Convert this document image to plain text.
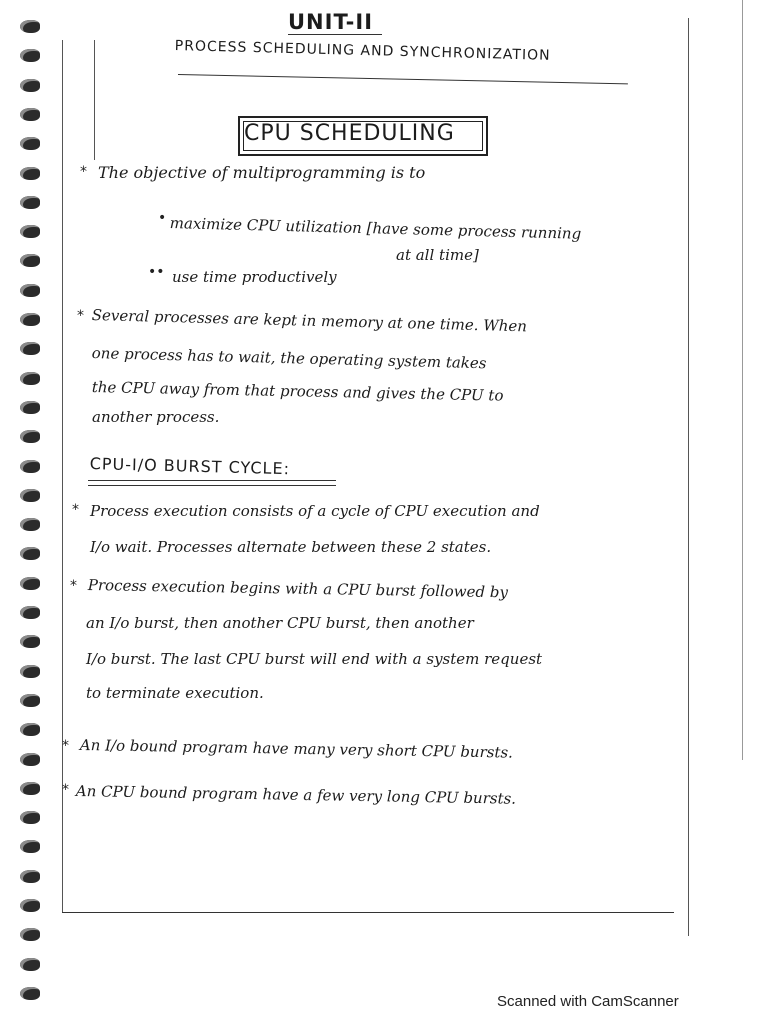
UNIT-II
PROCESS SCHEDULING AND SYNCHRONIZATION
CPU SCHEDULING
* The objective of multiprogramming is to
• maximize CPU utilization [have some process running
at all time]
•• use time productively
* Several processes are kept in memory at one time. When
one process has to wait, the operating system takes
the CPU away from that process and gives the CPU to
another process.
CPU-I/O BURST CYCLE:
* Process execution consists of a cycle of CPU execution and
I/o wait. Processes alternate between these 2 states.
* Process execution begins with a CPU burst followed by
an I/o burst, then another CPU burst, then another
I/o burst. The last CPU burst will end with a system request
to terminate execution.
* An I/o bound program have many very short CPU bursts.
* An CPU bound program have a few very long CPU bursts.
Scanned with CamScanner
